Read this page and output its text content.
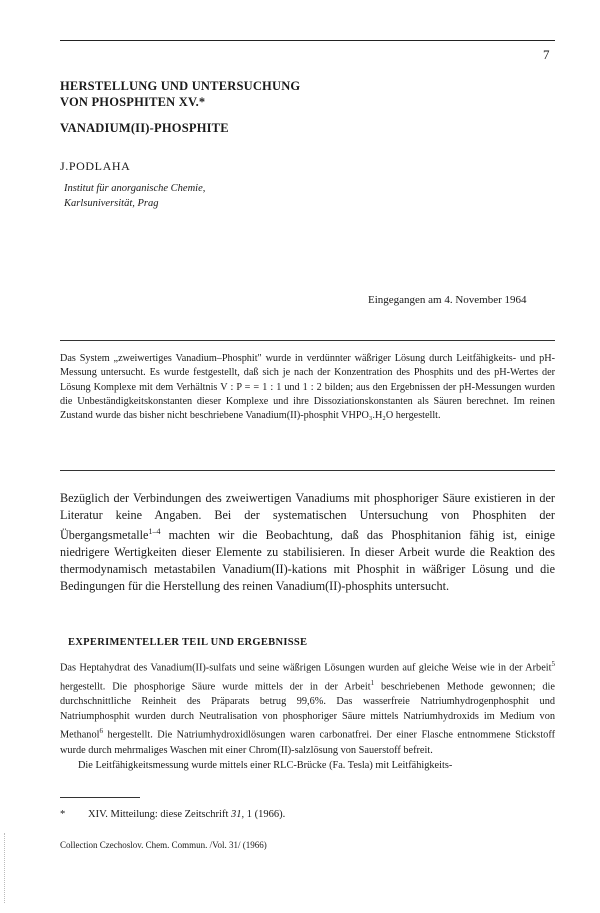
7
HERSTELLUNG UND UNTERSUCHUNG
VON PHOSPHITEN XV.*
VANADIUM(II)-PHOSPHITE
J.PODLAHA
Institut für anorganische Chemie,
Karlsuniversität, Prag
Eingegangen am 4. November 1964
Das System „zweiwertiges Vanadium–Phosphit" wurde in verdünnter wäßriger Lösung durch Leitfähigkeits- und pH-Messung untersucht. Es wurde festgestellt, daß sich je nach der Konzentration des Phosphits und des pH-Wertes der Lösung Komplexe mit dem Verhältnis V : P = = 1 : 1 und 1 : 2 bilden; aus den Ergebnissen der pH-Messungen wurden die Unbeständigkeitskonstanten dieser Komplexe und ihre Dissoziationskonstanten als Säuren berechnet. Im reinen Zustand wurde das bisher nicht beschriebene Vanadium(II)-phosphit VHPO₃.H₂O hergestellt.
Bezüglich der Verbindungen des zweiwertigen Vanadiums mit phosphoriger Säure existieren in der Literatur keine Angaben. Bei der systematischen Untersuchung von Phosphiten der Übergangsmetalle$^{1-4}$ machten wir die Beobachtung, daß das Phosphitanion fähig ist, einige niedrigere Wertigkeiten dieser Elemente zu stabilisieren. In dieser Arbeit wurde die Reaktion des thermodynamisch metastabilen Vanadium(II)-kations mit Phosphit in wäßriger Lösung und die Bedingungen für die Herstellung des reinen Vanadium(II)-phosphits untersucht.
EXPERIMENTELLER TEIL UND ERGEBNISSE

Das Heptahydrat des Vanadium(II)-sulfats und seine wäßrigen Lösungen wurden auf gleiche Weise wie in der Arbeit$^5$ hergestellt. Die phosphorige Säure wurde mittels der in der Arbeit$^1$ beschriebenen Methode gewonnen; die durchschnittliche Reinheit des Präparats betrug 99,6%. Das wasserfreie Natriumhydrogenphosphit und Natriumphosphit wurden durch Neutralisation von phosphoriger Säure mittels Natriumhydroxids im Medium von Methanol$^6$ hergestellt. Die Natriumhydroxidlösungen waren carbonatfrei. Der einer Flasche entnommene Stickstoff wurde durch mehrmaliges Waschen mit einer Chrom(II)-salzlösung von Sauerstoff befreit.

Die Leitfähigkeitsmessung wurde mittels einer RLC-Brücke (Fa. Tesla) mit Leitfähigkeits-

* XIV. Mitteilung: diese Zeitschrift 31, 1 (1966).
Collection Czechoslov. Chem. Commun. /Vol. 31/ (1966)
